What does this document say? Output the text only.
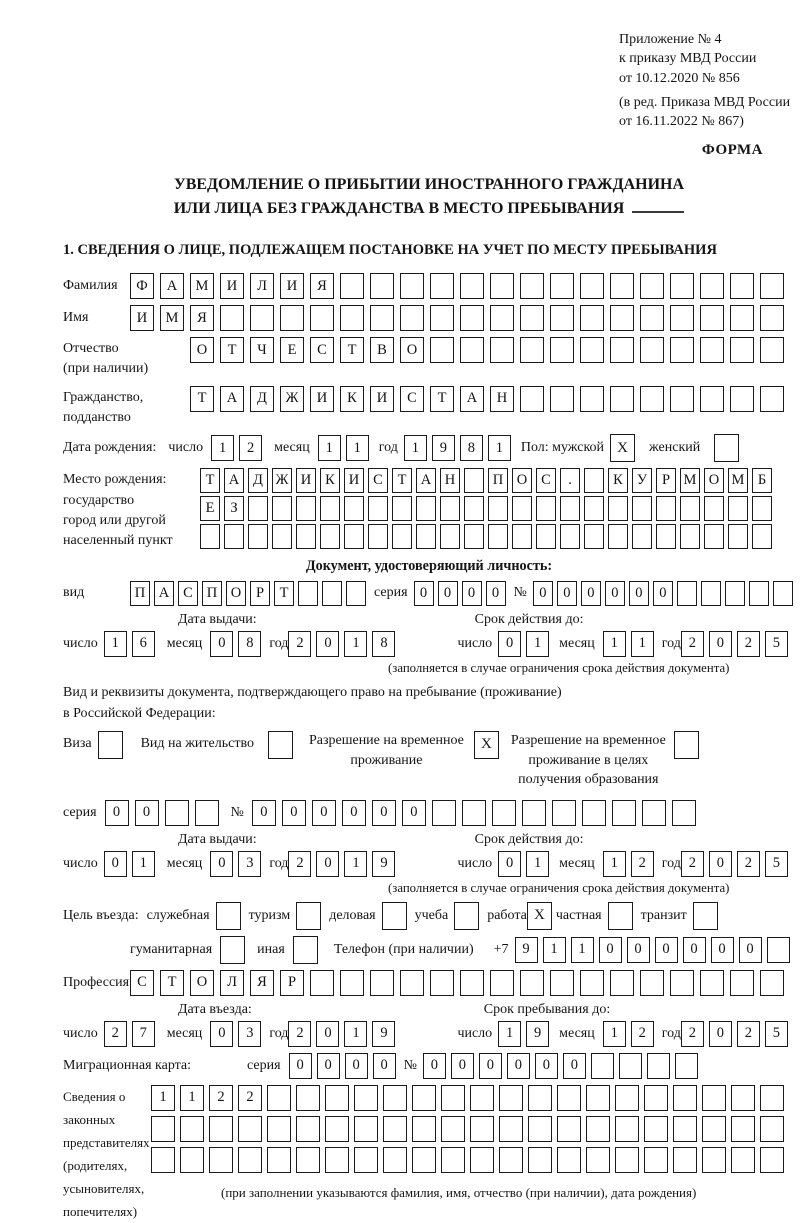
Приложение № 4
к приказу МВД России
от 10.12.2020 № 856
(в ред. Приказа МВД России
от 16.11.2022 № 867)
ФОРМА
УВЕДОМЛЕНИЕ О ПРИБЫТИИ ИНОСТРАННОГО ГРАЖДАНИНА
ИЛИ ЛИЦА БЕЗ ГРАЖДАНСТВА В МЕСТО ПРЕБЫВАНИЯ
1. СВЕДЕНИЯ О ЛИЦЕ, ПОДЛЕЖАЩЕМ ПОСТАНОВКЕ НА УЧЕТ ПО МЕСТУ ПРЕБЫВАНИЯ
Фамилия	Ф	А	М	И	Л	И	Я
Имя	И	М	Я
Отчество
(при наличии)
О	Т	Ч	Е	С	Т	В	О
Гражданство,
подданство
Т	А	Д	Ж	И	К	И	С	Т	А	Н
Дата рождения: число	1	2	месяц	1	1	год 1	9	8	1	Пол: мужской X	женский
Место рождения:
государство
город или другой
населенный пункт
Т А Д Ж И К И С	Т А Н	П О С	.	К У	Р М О М Б
Е	З
Документ, удостоверяющий личность:
вид	П А С П О	Р	Т	серия 0	0	0	0	№ 0	0	0	0	0	0
Дата выдачи:	Срок действия до:
число 1	6	месяц	0	8	год 2	0	1	8	число 0	1	месяц	1	1	год 2	0	2	5
(заполняется в случае ограничения срока действия документа)
Вид и реквизиты документа, подтверждающего право на пребывание (проживание)
в Российской Федерации:
Виза	Вид на жительство	Разрешение на временное
проживание
X	Разрешение на временное
проживание в целях
получения образования
серия	0	0	№	0	0	0	0	0	0
Дата выдачи:	Срок действия до:
число 0	1	месяц	0	3	год 2	0	1	9	число 0	1	месяц	1	2	год 2	0	2	5
(заполняется в случае ограничения срока действия документа)
Цель въезда: служебная	туризм	деловая	учеба	работа X частная	транзит
гуманитарная	иная	Телефон (при наличии) +7 9	1	1	0	0	0	0	0	0
Профессия С	Т	О	Л	Я	Р
Дата въезда:	Срок пребывания до:
число 2	7	месяц	0	3	год 2	0	1	9	число 1	9	месяц	1	2	год 2	0	2	5
Миграционная карта:	серия	0	0	0	0	№ 0	0	0	0	0	0
Сведения о
законных
представителях
(родителях,
усыновителях,
попечителях)
1	1	2	2
(при заполнении указываются фамилия, имя, отчество (при наличии), дата рождения)
